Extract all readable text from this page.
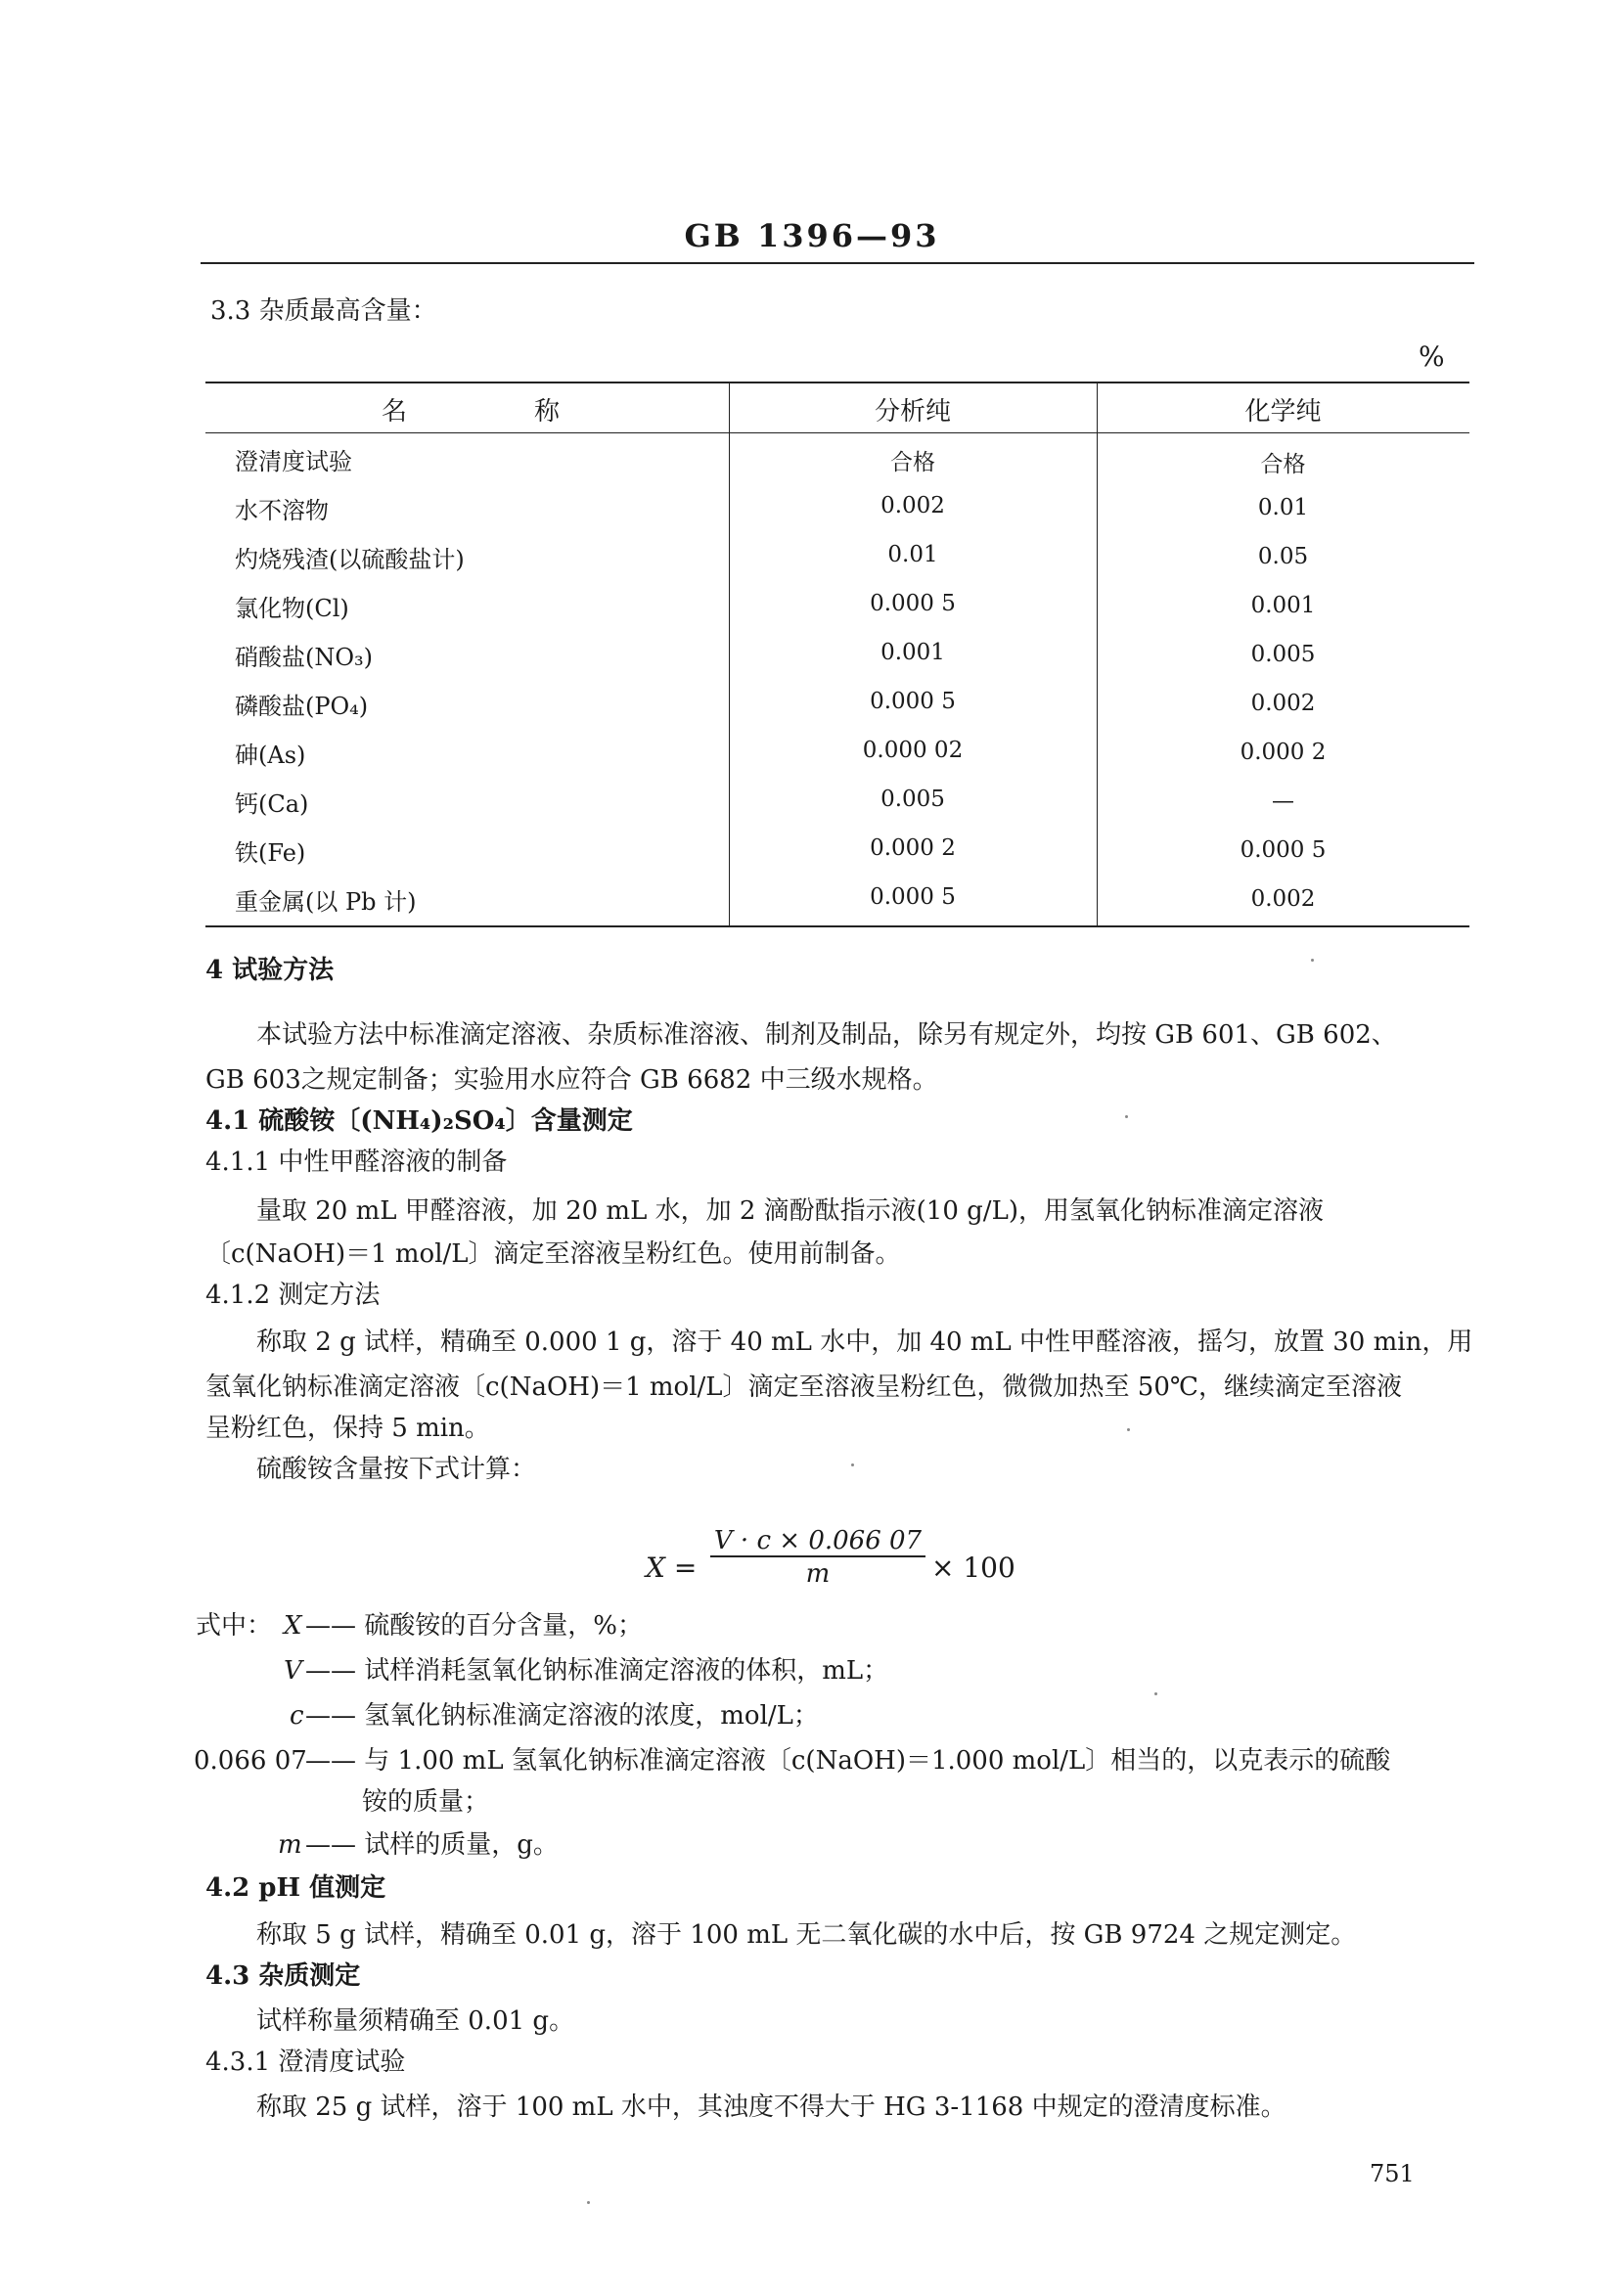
GB 1396—93
3.3 杂质最高含量：
%
名　　　　　称	分析纯	化学纯
澄清度试验	合格	合格
水不溶物	0.002	0.01
灼烧残渣(以硫酸盐计)	0.01	0.05
氯化物(Cl)	0.000 5	0.001
硝酸盐(NO₃)	0.001	0.005
磷酸盐(PO₄)	0.000 5	0.002
砷(As)	0.000 02	0.000 2
钙(Ca)	0.005	—
铁(Fe)	0.000 2	0.000 5
重金属(以 Pb 计)	0.000 5	0.002
4 试验方法
本试验方法中标准滴定溶液、杂质标准溶液、制剂及制品，除另有规定外，均按 GB 601、GB 602、
GB 603之规定制备；实验用水应符合 GB 6682 中三级水规格。
4.1 硫酸铵〔(NH₄)₂SO₄〕含量测定
4.1.1 中性甲醛溶液的制备
量取 20 mL 甲醛溶液，加 20 mL 水，加 2 滴酚酞指示液(10 g/L)，用氢氧化钠标准滴定溶液
〔c(NaOH)＝1 mol/L〕滴定至溶液呈粉红色。使用前制备。
4.1.2 测定方法
称取 2 g 试样，精确至 0.000 1 g，溶于 40 mL 水中，加 40 mL 中性甲醛溶液，摇匀，放置 30 min，用
氢氧化钠标准滴定溶液〔c(NaOH)＝1 mol/L〕滴定至溶液呈粉红色，微微加热至 50℃，继续滴定至溶液
呈粉红色，保持 5 min。
硫酸铵含量按下式计算：
$X = \frac{V \cdot c \times 0.066 07}{m} \times 100$
式中： X —— 硫酸铵的百分含量，%；
V —— 试样消耗氢氧化钠标准滴定溶液的体积，mL；
c —— 氢氧化钠标准滴定溶液的浓度，mol/L；
0.066 07
—— 与 1.00 mL 氢氧化钠标准滴定溶液〔c(NaOH)＝1.000 mol/L〕相当的，以克表示的硫酸
铵的质量；
m —— 试样的质量，g。
4.2 pH 值测定
称取 5 g 试样，精确至 0.01 g，溶于 100 mL 无二氧化碳的水中后，按 GB 9724 之规定测定。
4.3 杂质测定
试样称量须精确至 0.01 g。
4.3.1 澄清度试验
称取 25 g 试样，溶于 100 mL 水中，其浊度不得大于 HG 3-1168 中规定的澄清度标准。
751
